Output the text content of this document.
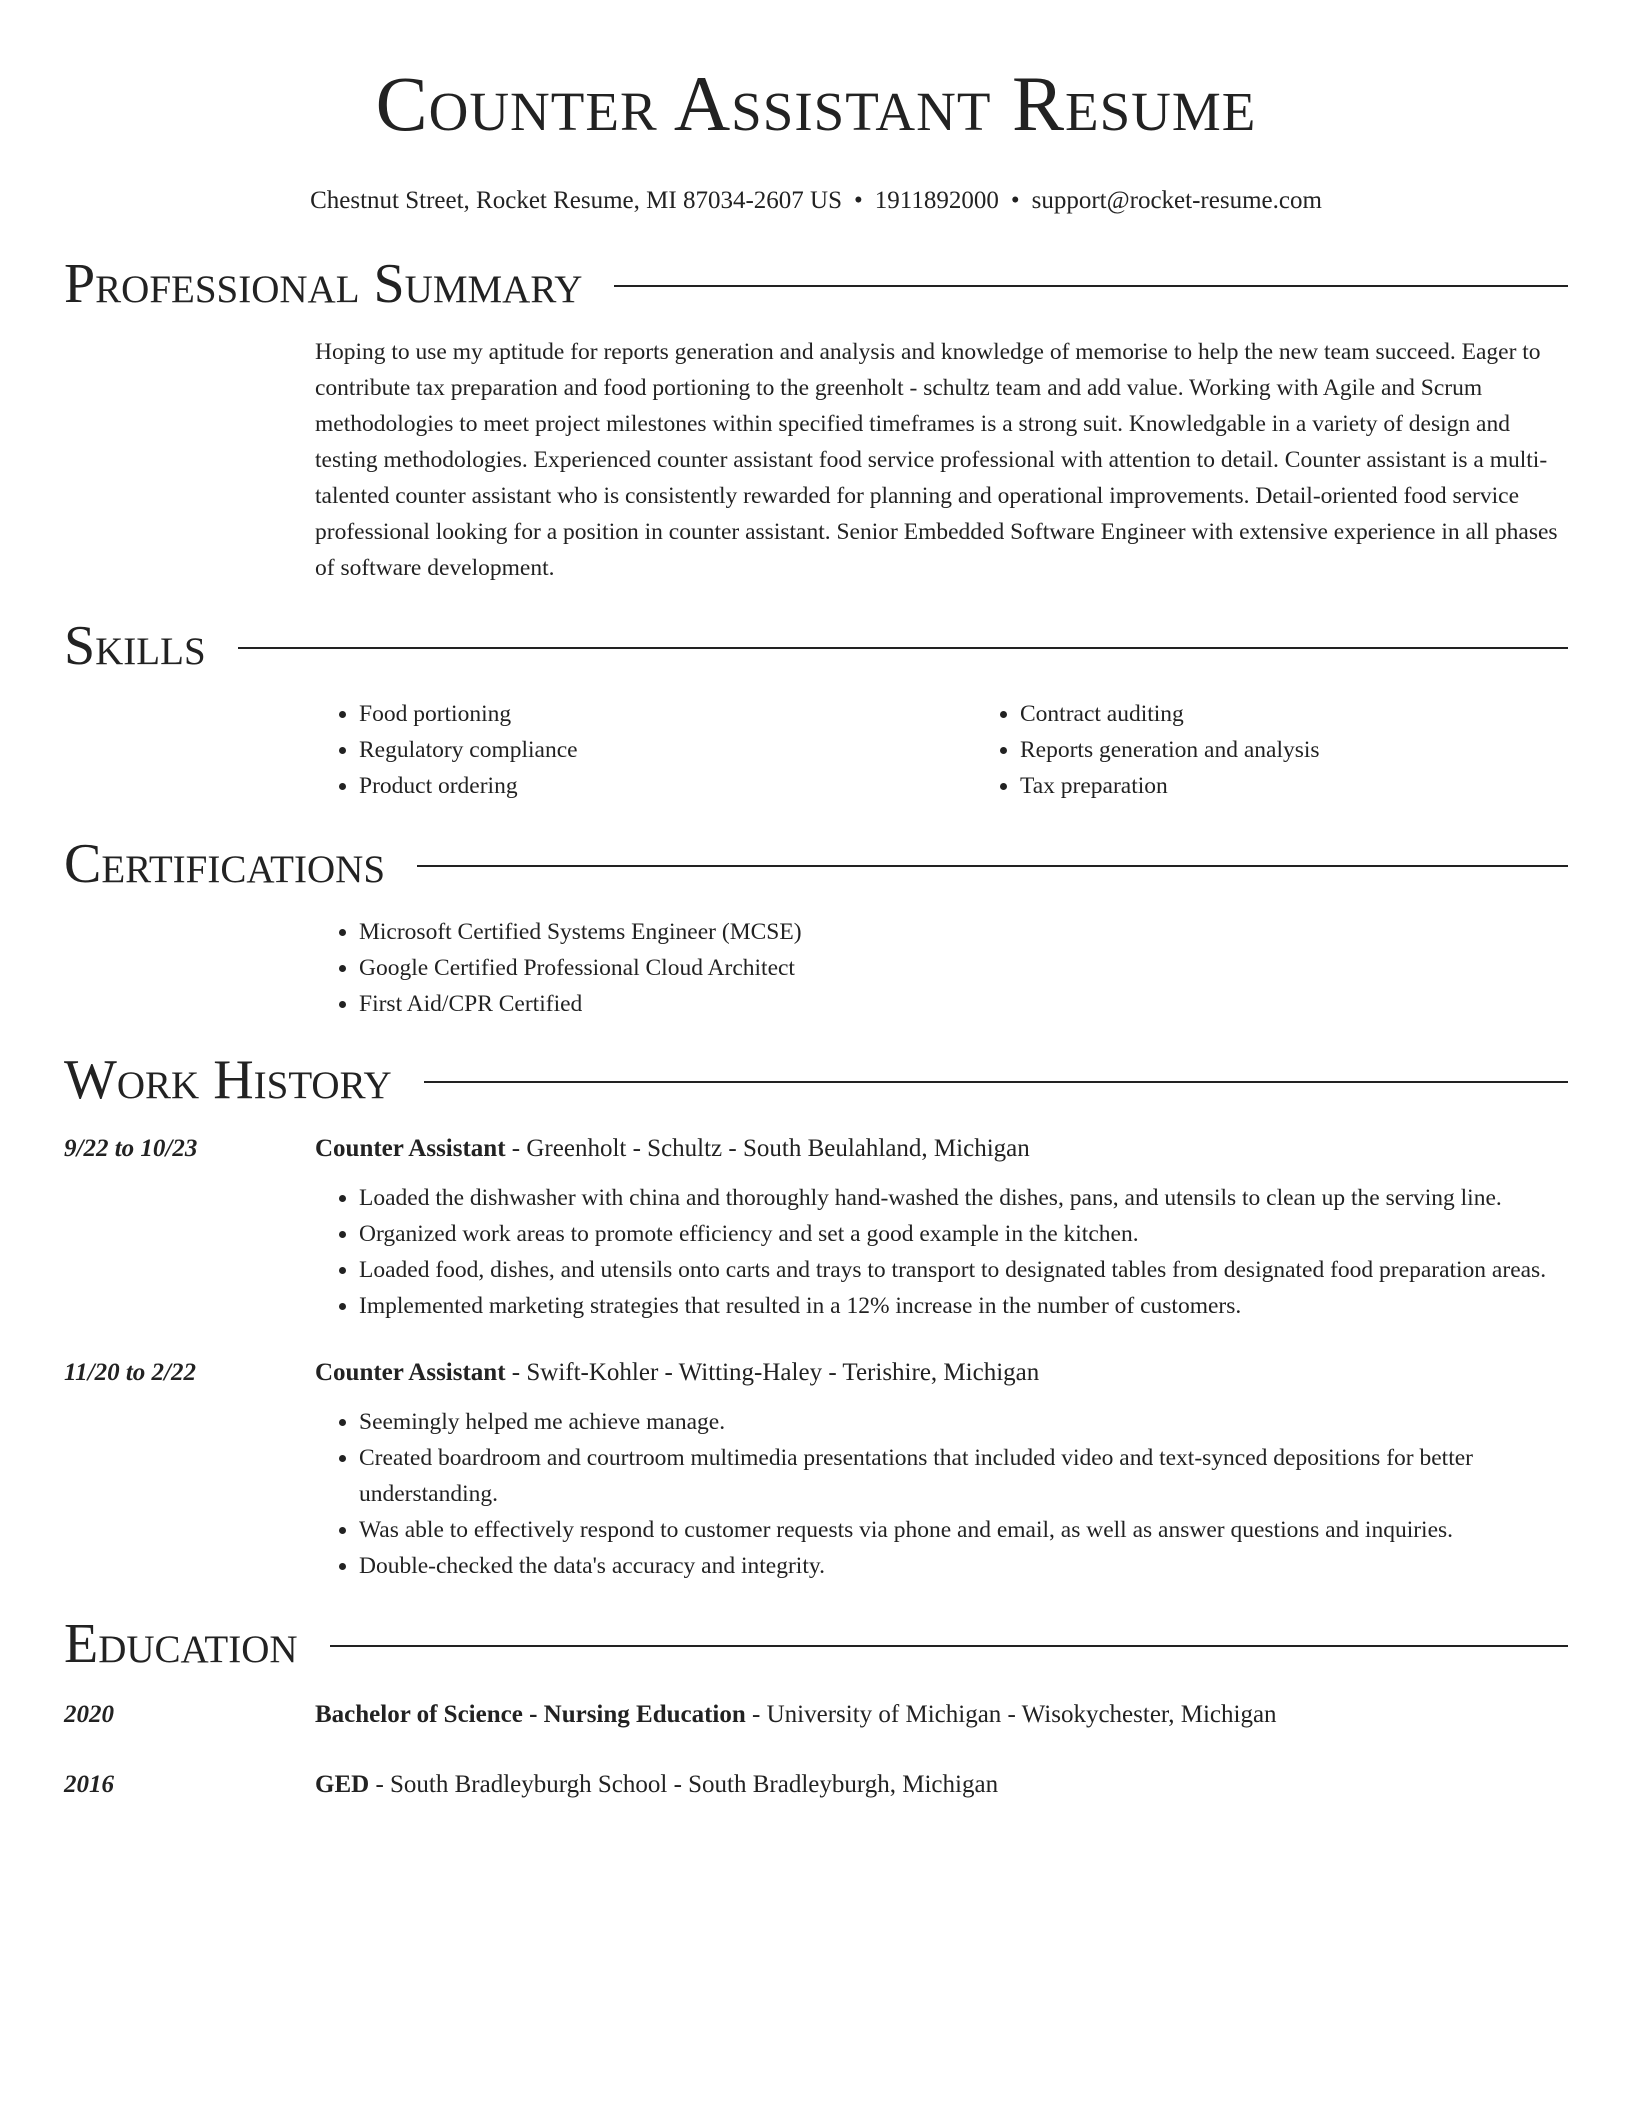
Counter Assistant Resume
Chestnut Street, Rocket Resume, MI 87034-2607 US • 1911892000 • support@rocket-resume.com
Professional Summary
Hoping to use my aptitude for reports generation and analysis and knowledge of memorise to help the new team succeed. Eager to contribute tax preparation and food portioning to the greenholt - schultz team and add value. Working with Agile and Scrum methodologies to meet project milestones within specified timeframes is a strong suit. Knowledgable in a variety of design and testing methodologies. Experienced counter assistant food service professional with attention to detail. Counter assistant is a multi-talented counter assistant who is consistently rewarded for planning and operational improvements. Detail-oriented food service professional looking for a position in counter assistant. Senior Embedded Software Engineer with extensive experience in all phases of software development.
Skills
• Food portioning
• Regulatory compliance
• Product ordering
• Contract auditing
• Reports generation and analysis
• Tax preparation
Certifications
• Microsoft Certified Systems Engineer (MCSE)
• Google Certified Professional Cloud Architect
• First Aid/CPR Certified
Work History
9/22 to 10/23	Counter Assistant - Greenholt - Schultz - South Beulahland, Michigan
• Loaded the dishwasher with china and thoroughly hand-washed the dishes, pans, and utensils to clean up the serving line.
• Organized work areas to promote efficiency and set a good example in the kitchen.
• Loaded food, dishes, and utensils onto carts and trays to transport to designated tables from designated food preparation areas.
• Implemented marketing strategies that resulted in a 12% increase in the number of customers.
11/20 to 2/22	Counter Assistant - Swift-Kohler - Witting-Haley - Terishire, Michigan
• Seemingly helped me achieve manage.
• Created boardroom and courtroom multimedia presentations that included video and text-synced depositions for better understanding.
• Was able to effectively respond to customer requests via phone and email, as well as answer questions and inquiries.
• Double-checked the data's accuracy and integrity.
Education
2020	Bachelor of Science - Nursing Education - University of Michigan - Wisokychester, Michigan
2016	GED - South Bradleyburgh School - South Bradleyburgh, Michigan
